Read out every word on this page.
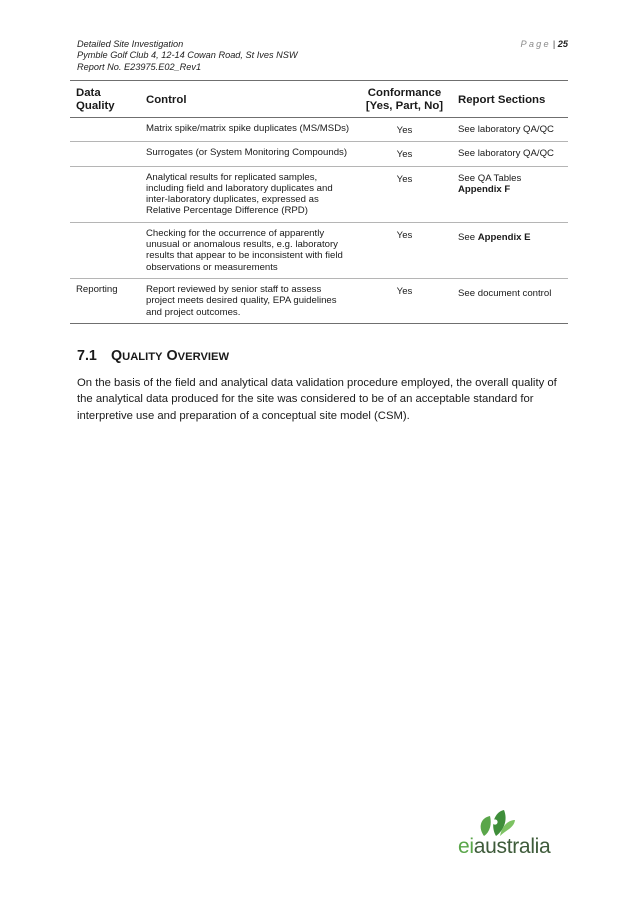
Detailed Site Investigation
Pymble Golf Club 4, 12-14 Cowan Road, St Ives NSW
Report No. E23975.E02_Rev1
Page | 25
Data Quality	Control	Conformance [Yes, Part, No]	Report Sections
	Matrix spike/matrix spike duplicates (MS/MSDs)	Yes	See laboratory QA/QC
	Surrogates (or System Monitoring Compounds)	Yes	See laboratory QA/QC
	Analytical results for replicated samples, including field and laboratory duplicates and inter-laboratory duplicates, expressed as Relative Percentage Difference (RPD)	Yes	See QA Tables
Appendix F

	Checking for the occurrence of apparently unusual or anomalous results, e.g. laboratory results that appear to be inconsistent with field observations or measurements	Yes	See Appendix E
Reporting	Report reviewed by senior staff to assess project meets desired quality, EPA guidelines and project outcomes.	Yes	See document control
7.1 QUALITY OVERVIEW

On the basis of the field and analytical data validation procedure employed, the overall quality of the analytical data produced for the site was considered to be of an acceptable standard for interpretive use and preparation of a conceptual site model (CSM).

eiaustralia
